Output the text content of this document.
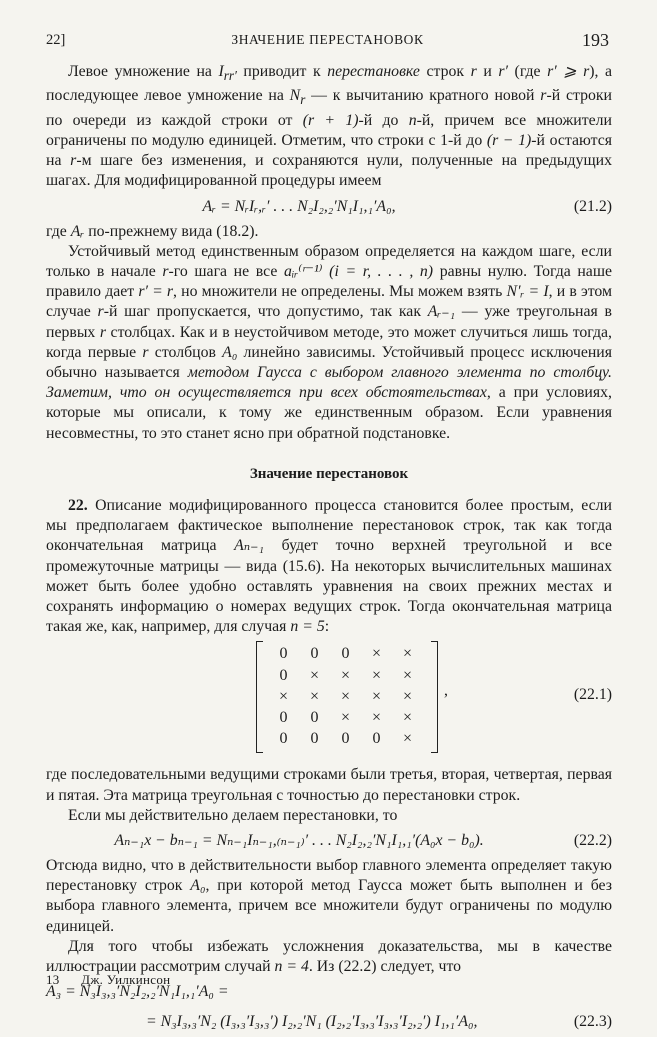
22]	ЗНАЧЕНИЕ ПЕРЕСТАНОВОК	193

Левое умножение на $I_{rr'}$ приводит к перестановке строк r и r′ (где r′ ⩾ r), а последующее левое умножение на $N_r$ — к вычитанию кратного новой r-й строки по очереди из каждой строки от (r + 1)-й до n-й, причем все множители ограничены по модулю единицей. Отметим, что строки с 1-й до (r − 1)-й остаются на r-м шаге без изменения, и сохраняются нули, полученные на предыдущих шагах. Для модифицированной процедуры имеем

Aᵣ = NᵣIᵣ,ᵣ′ . . . N₂I₂,₂′N₁I₁,₁′A₀,	(21.2)

где Aᵣ по-прежнему вида (18.2).

Устойчивый метод единственным образом определяется на каждом шаге, если только в начале r-го шага не все aᵢᵣ⁽ʳ⁻¹⁾ (i = r, . . . , n) равны нулю. Тогда наше правило дает r′ = r, но множители не определены. Мы можем взять N′ᵣ = I, и в этом случае r-й шаг пропускается, что допустимо, так как Aᵣ₋₁ — уже треугольная в первых r столбцах. Как и в неустойчивом методе, это может случиться лишь тогда, когда первые r столбцов A₀ линейно зависимы. Устойчивый процесс исключения обычно называется методом Гаусса с выбором главного элемента по столбцу. Заметим, что он осуществляется при всех обстоятельствах, а при условиях, которые мы описали, к тому же единственным образом. Если уравнения несовместны, то это станет ясно при обратной подстановке.

Значение перестановок

22. Описание модифицированного процесса становится более простым, если мы предполагаем фактическое выполнение перестановок строк, так как тогда окончательная матрица Aₙ₋₁ будет точно верхней треугольной и все промежуточные матрицы — вида (15.6). На некоторых вычислительных машинах может быть более удобно оставлять уравнения на своих прежних местах и сохранять информацию о номерах ведущих строк. Тогда окончательная матрица такая же, как, например, для случая n = 5:

0	0	0	×	×
0	×	×	×	×
×	×	×	×	×
0	0	×	×	×
0	0	0	0	×
,	(22.1)

где последовательными ведущими строками были третья, вторая, четвертая, первая и пятая. Эта матрица треугольная с точностью до перестановки строк.

Если мы действительно делаем перестановки, то

Aₙ₋₁x − bₙ₋₁ = Nₙ₋₁Iₙ₋₁,₍ₙ₋₁₎′ . . . N₂I₂,₂′N₁I₁,₁′(A₀x − b₀).	(22.2)

Отсюда видно, что в действительности выбор главного элемента определяет такую перестановку строк A₀, при которой метод Гаусса может быть выполнен и без выбора главного элемента, причем все множители будут ограничены по модулю единицей.

Для того чтобы избежать усложнения доказательства, мы в качестве иллюстрации рассмотрим случай n = 4. Из (22.2) следует, что

A₃ = N₃I₃,₃′N₂I₂,₂′N₁I₁,₁′A₀ =
= N₃I₃,₃′N₂ (I₃,₃′I₃,₃′) I₂,₂′N₁ (I₂,₂′I₃,₃′I₃,₃′I₂,₂′) I₁,₁′A₀,	(22.3)
13 Дж. Уилкинсон
